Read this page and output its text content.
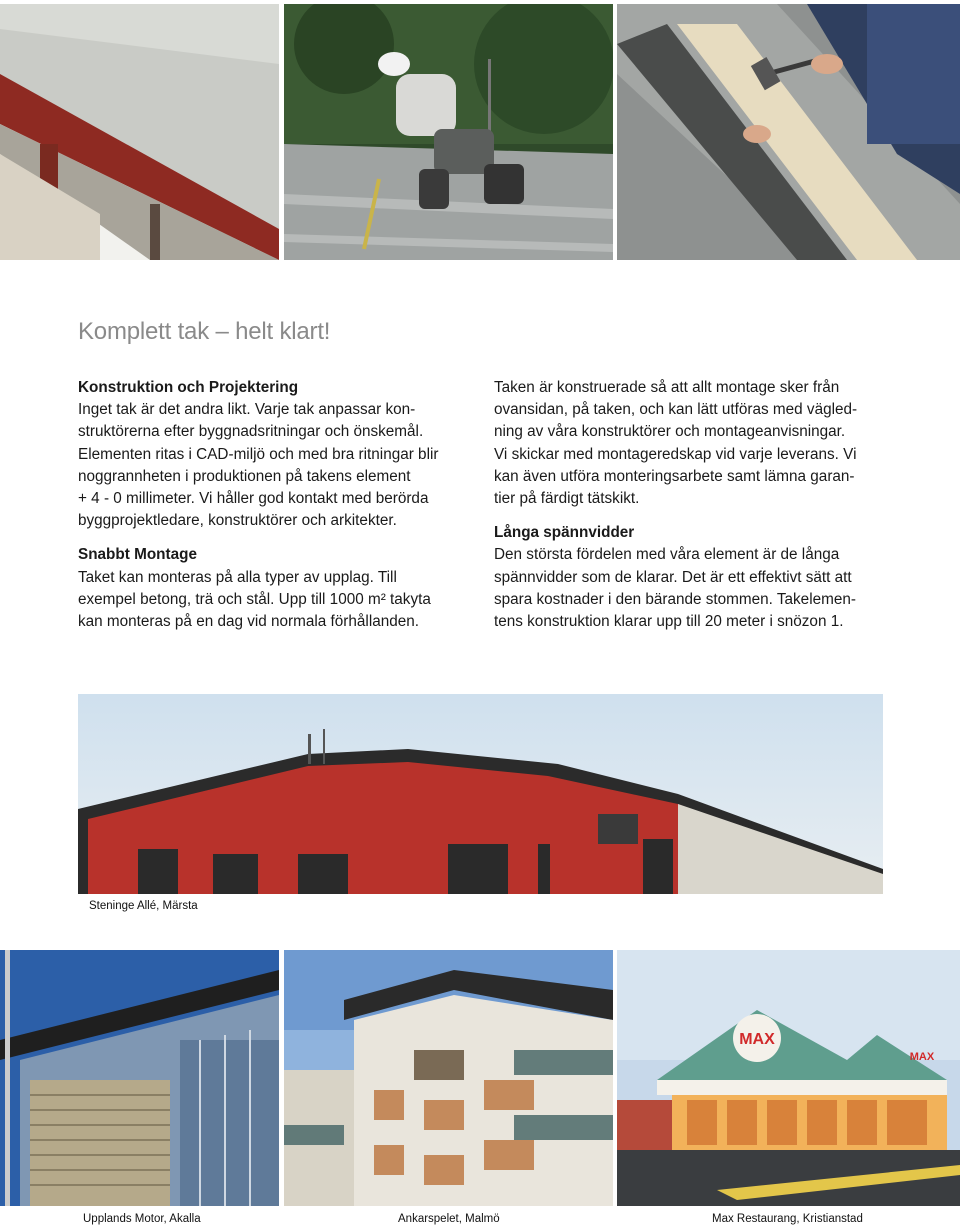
Komplett tak – helt klart!
Konstruktion och Projektering
Inget tak är det andra likt. Varje tak anpassar kon-
struktörerna efter byggnadsritningar och önskemål.
Elementen ritas i CAD-miljö och med bra ritningar blir
noggrannheten i produktionen på takens element
+ 4 - 0 millimeter. Vi håller god kontakt med berörda
byggprojektledare, konstruktörer och arkitekter.
Snabbt Montage
Taket kan monteras på alla typer av upplag. Till
exempel betong, trä och stål. Upp till 1000 m² takyta
kan monteras på en dag vid normala förhållanden.
Taken är konstruerade så att allt montage sker från
ovansidan, på taken, och kan lätt utföras med vägled-
ning av våra konstruktörer och montageanvisningar.
Vi skickar med montageredskap vid varje leverans. Vi
kan även utföra monteringsarbete samt lämna garan-
tier på färdigt tätskikt.
Långa spännvidder
Den största fördelen med våra element är de långa
spännvidder som de klarar. Det är ett effektivt sätt att
spara kostnader i den bärande stommen. Takelemen-
tens konstruktion klarar upp till 20 meter i snözon 1.
Steninge Allé, Märsta
MAX
MAX
Upplands Motor, Akalla	Ankarspelet, Malmö	Max Restaurang, Kristianstad
